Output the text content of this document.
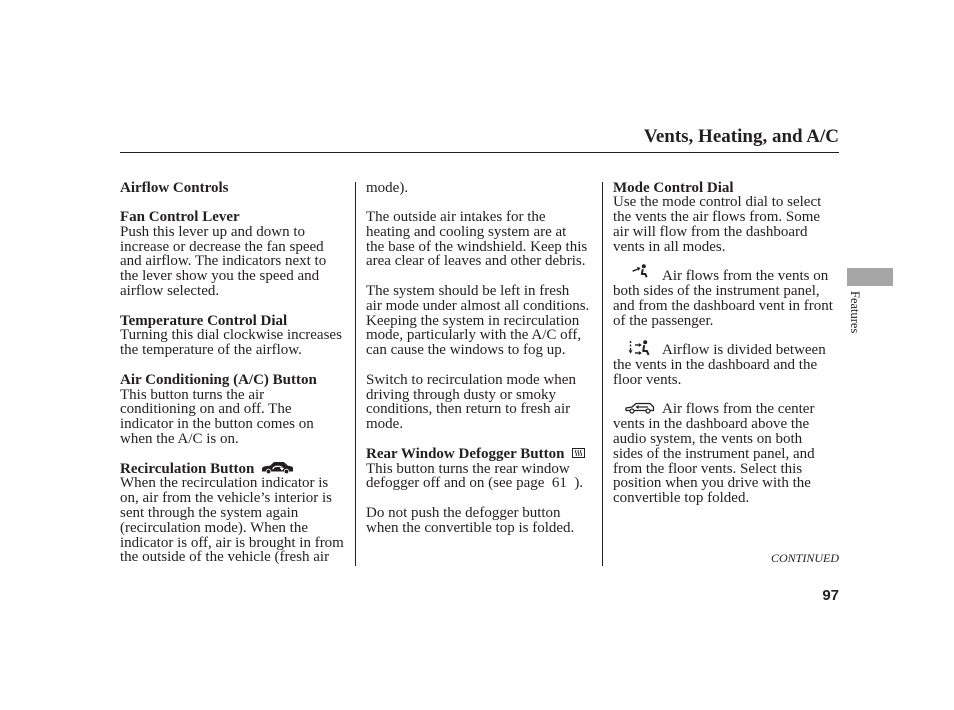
Vents, Heating, and A/C
Airflow Controls
Fan Control Lever
Push this lever up and down to
increase or decrease the fan speed
and airflow. The indicators next to
the lever show you the speed and
airflow selected.
Temperature Control Dial
Turning this dial clockwise increases
the temperature of the airflow.
Air Conditioning (A/C) Button
This button turns the air
conditioning on and off. The
indicator in the button comes on
when the A/C is on.
Recirculation Button
When the recirculation indicator is
on, air from the vehicle’s interior is
sent through the system again
(recirculation mode). When the
indicator is off, air is brought in from
the outside of the vehicle (fresh air
mode).
The outside air intakes for the
heating and cooling system are at
the base of the windshield. Keep this
area clear of leaves and other debris.
The system should be left in fresh
air mode under almost all conditions.
Keeping the system in recirculation
mode, particularly with the A/C off,
can cause the windows to fog up.
Switch to recirculation mode when
driving through dusty or smoky
conditions, then return to fresh air
mode.
Rear Window Defogger Button
This button turns the rear window
defogger off and on (see page  61  ).
Do not push the defogger button
when the convertible top is folded.
Mode Control Dial
Use the mode control dial to select
the vents the air flows from. Some
air will flow from the dashboard
vents in all modes.
Air flows from the vents on
both sides of the instrument panel,
and from the dashboard vent in front
of the passenger.
Airflow is divided between
the vents in the dashboard and the
floor vents.
Air flows from the center
vents in the dashboard above the
audio system, the vents on both
sides of the instrument panel, and
from the floor vents. Select this
position when you drive with the
convertible top folded.
Features
CONTINUED
97
